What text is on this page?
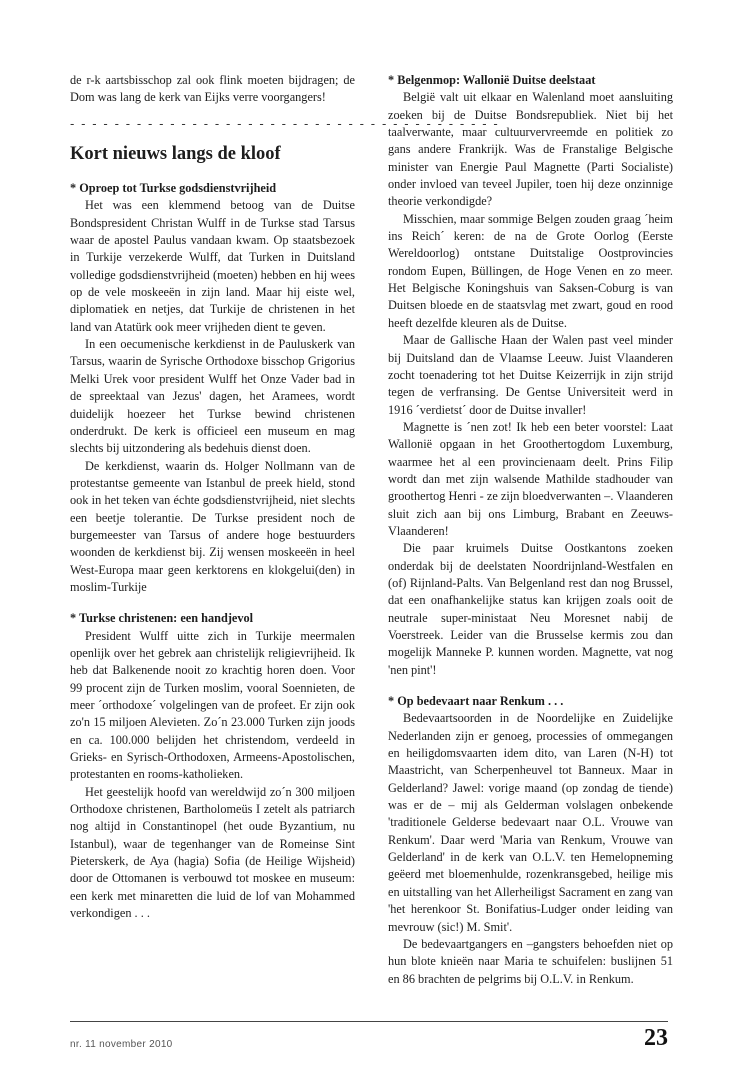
de r-k aartsbisschop zal ook flink moeten bijdragen; de Dom was lang de kerk van Eijks verre voorgangers!

- - - - - - - - - - - - - - - - - - - - - - - - - - - - - - - - - - - - - - -
Kort nieuws langs de kloof
* Oproep tot Turkse godsdienstvrijheid

Het was een klemmend betoog van de Duitse Bondspresident Christan Wulff in de Turkse stad Tarsus waar de apostel Paulus vandaan kwam. Op staatsbezoek in Turkije verzekerde Wulff, dat Turken in Duitsland volledige godsdienstvrijheid (moeten) hebben en hij wees op de vele moskeeën in zijn land. Maar hij eiste wel, diplomatiek en netjes, dat Turkije de christenen in het land van Atatürk ook meer vrijheden dient te geven.

In een oecumenische kerkdienst in de Pauluskerk van Tarsus, waarin de Syrische Orthodoxe bisschop Grigorius Melki Urek voor president Wulff het Onze Vader bad in de spreektaal van Jezus' dagen, het Aramees, wordt duidelijk hoezeer het Turkse bewind christenen onderdrukt. De kerk is officieel een museum en mag slechts bij uitzondering als bedehuis dienst doen.

De kerkdienst, waarin ds. Holger Nollmann van de protestantse gemeente van Istanbul de preek hield, stond ook in het teken van échte godsdienstvrijheid, niet slechts een beetje tolerantie. De Turkse president noch de burgemeester van Tarsus of andere hoge bestuurders woonden de kerkdienst bij. Zij wensen moskeeën in heel West-Europa maar geen kerktorens en klokgelui(den) in moslim-Turkije

* Turkse christenen: een handjevol

President Wulff uitte zich in Turkije meermalen openlijk over het gebrek aan christelijk religievrijheid. Ik heb dat Balkenende nooit zo krachtig horen doen. Voor 99 procent zijn de Turken moslim, vooral Soennieten, de meer ´orthodoxe´ volgelingen van de profeet. Er zijn ook zo'n 15 miljoen Alevieten. Zo´n 23.000 Turken zijn joods en ca. 100.000 belijden het christendom, verdeeld in Grieks- en Syrisch-Orthodoxen, Armeens-Apostolischen, protestanten en rooms-katholieken.

Het geestelijk hoofd van wereldwijd zo´n 300 miljoen Orthodoxe christenen, Bartholomeüs I zetelt als patriarch nog altijd in Constantinopel (het oude Byzantium, nu Istanbul), waar de tegenhanger van de Romeinse Sint Pieterskerk, de Aya (hagia) Sofia (de Heilige Wijsheid) door de Ottomanen is verbouwd tot moskee en museum: een kerk met minaretten die luid de lof van Mohammed verkondigen . . .

* Belgenmop: Wallonië Duitse deelstaat

België valt uit elkaar en Walenland moet aansluiting zoeken bij de Duitse Bondsrepubliek. Niet bij het taalverwante, maar cultuurvervreemde en politiek zo gans andere Frankrijk. Was de Franstalige Belgische minister van Energie Paul Magnette (Parti Socialiste) onder invloed van teveel Jupiler, toen hij deze onzinnige theorie verkondigde?

Misschien, maar sommige Belgen zouden graag ´heim ins Reich´ keren: de na de Grote Oorlog (Eerste Wereldoorlog) ontstane Duitstalige Oostprovincies rondom Eupen, Büllingen, de Hoge Venen en zo meer. Het Belgische Koningshuis van Saksen-Coburg is van Duitsen bloede en de staatsvlag met zwart, goud en rood heeft dezelfde kleuren als de Duitse.

Maar de Gallische Haan der Walen past veel minder bij Duitsland dan de Vlaamse Leeuw. Juist Vlaanderen zocht toenadering tot het Duitse Keizerrijk in zijn strijd tegen de verfransing. De Gentse Universiteit werd in 1916 ´verdietst´ door de Duitse invaller!

Magnette is ´nen zot! Ik heb een beter voorstel: Laat Wallonië opgaan in het Groothertogdom Luxemburg, waarmee het al een provincienaam deelt. Prins Filip wordt dan met zijn walsende Mathilde stadhouder van groothertog Henri - ze zijn bloedverwanten –. Vlaanderen sluit zich aan bij ons Limburg, Brabant en Zeeuws-Vlaanderen!

Die paar kruimels Duitse Oostkantons zoeken onderdak bij de deelstaten Noordrijnland-Westfalen en (of) Rijnland-Palts. Van Belgenland rest dan nog Brussel, dat een onafhankelijke status kan krijgen zoals ooit de neutrale super-ministaat Neu Moresnet nabij de Voerstreek. Leider van die Brusselse kermis zou dan mogelijk Manneke P. kunnen worden. Magnette, vat nog 'nen pint'!

* Op bedevaart naar Renkum . . .

Bedevaartsoorden in de Noordelijke en Zuidelijke Nederlanden zijn er genoeg, processies of ommegangen en heiligdomsvaarten idem dito, van Laren (N-H) tot Maastricht, van Scherpenheuvel tot Banneux. Maar in Gelderland? Jawel: vorige maand (op zondag de tiende) was er de – mij als Gelderman volslagen onbekende 'traditionele Gelderse bedevaart naar O.L. Vrouwe van Renkum'. Daar werd 'Maria van Renkum, Vrouwe van Gelderland' in de kerk van O.L.V. ten Hemelopneming geëerd met bloemenhulde, rozenkransgebed, heilige mis en uitstalling van het Allerheiligst Sacrament en zang van 'het herenkoor St. Bonifatius-Ludger onder leiding van mevrouw (sic!) M. Smit'.

De bedevaartgangers en –gangsters behoefden niet op hun blote knieën naar Maria te schuifelen: buslijnen 51 en 86 brachten de pelgrims bij O.L.V. in Renkum.

nr. 11 november 2010	23
